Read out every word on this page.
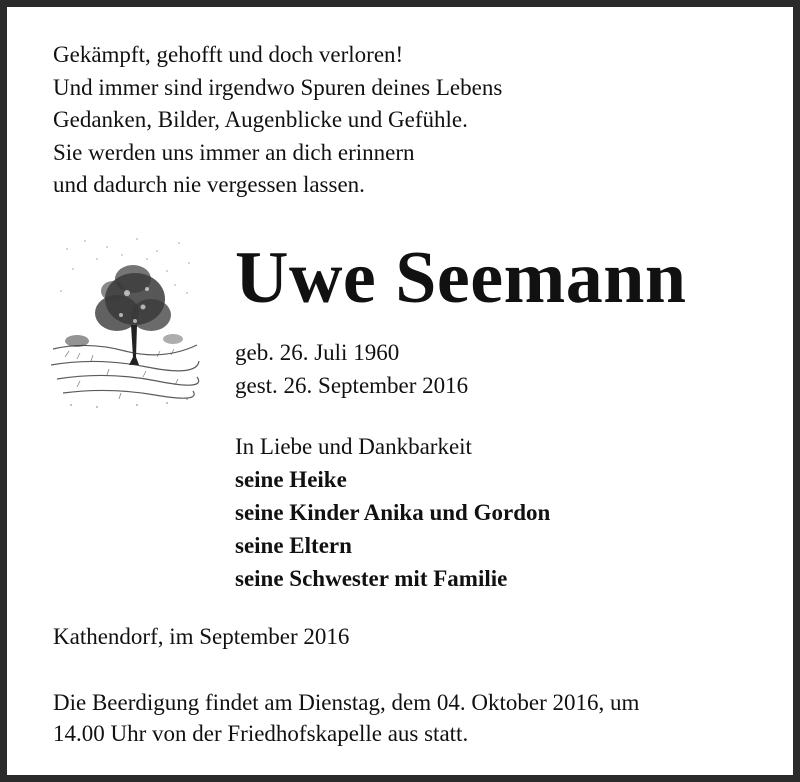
Gekämpft, gehofft und doch verloren!
Und immer sind irgendwo Spuren deines Lebens
Gedanken, Bilder, Augenblicke und Gefühle.
Sie werden uns immer an dich erinnern
und dadurch nie vergessen lassen.
Uwe Seemann
geb. 26. Juli 1960
gest. 26. September 2016
In Liebe und Dankbarkeit
seine Heike
seine Kinder Anika und Gordon
seine Eltern
seine Schwester mit Familie
Kathendorf, im September 2016
Die Beerdigung findet am Dienstag, dem 04. Oktober 2016, um
14.00 Uhr von der Friedhofskapelle aus statt.
